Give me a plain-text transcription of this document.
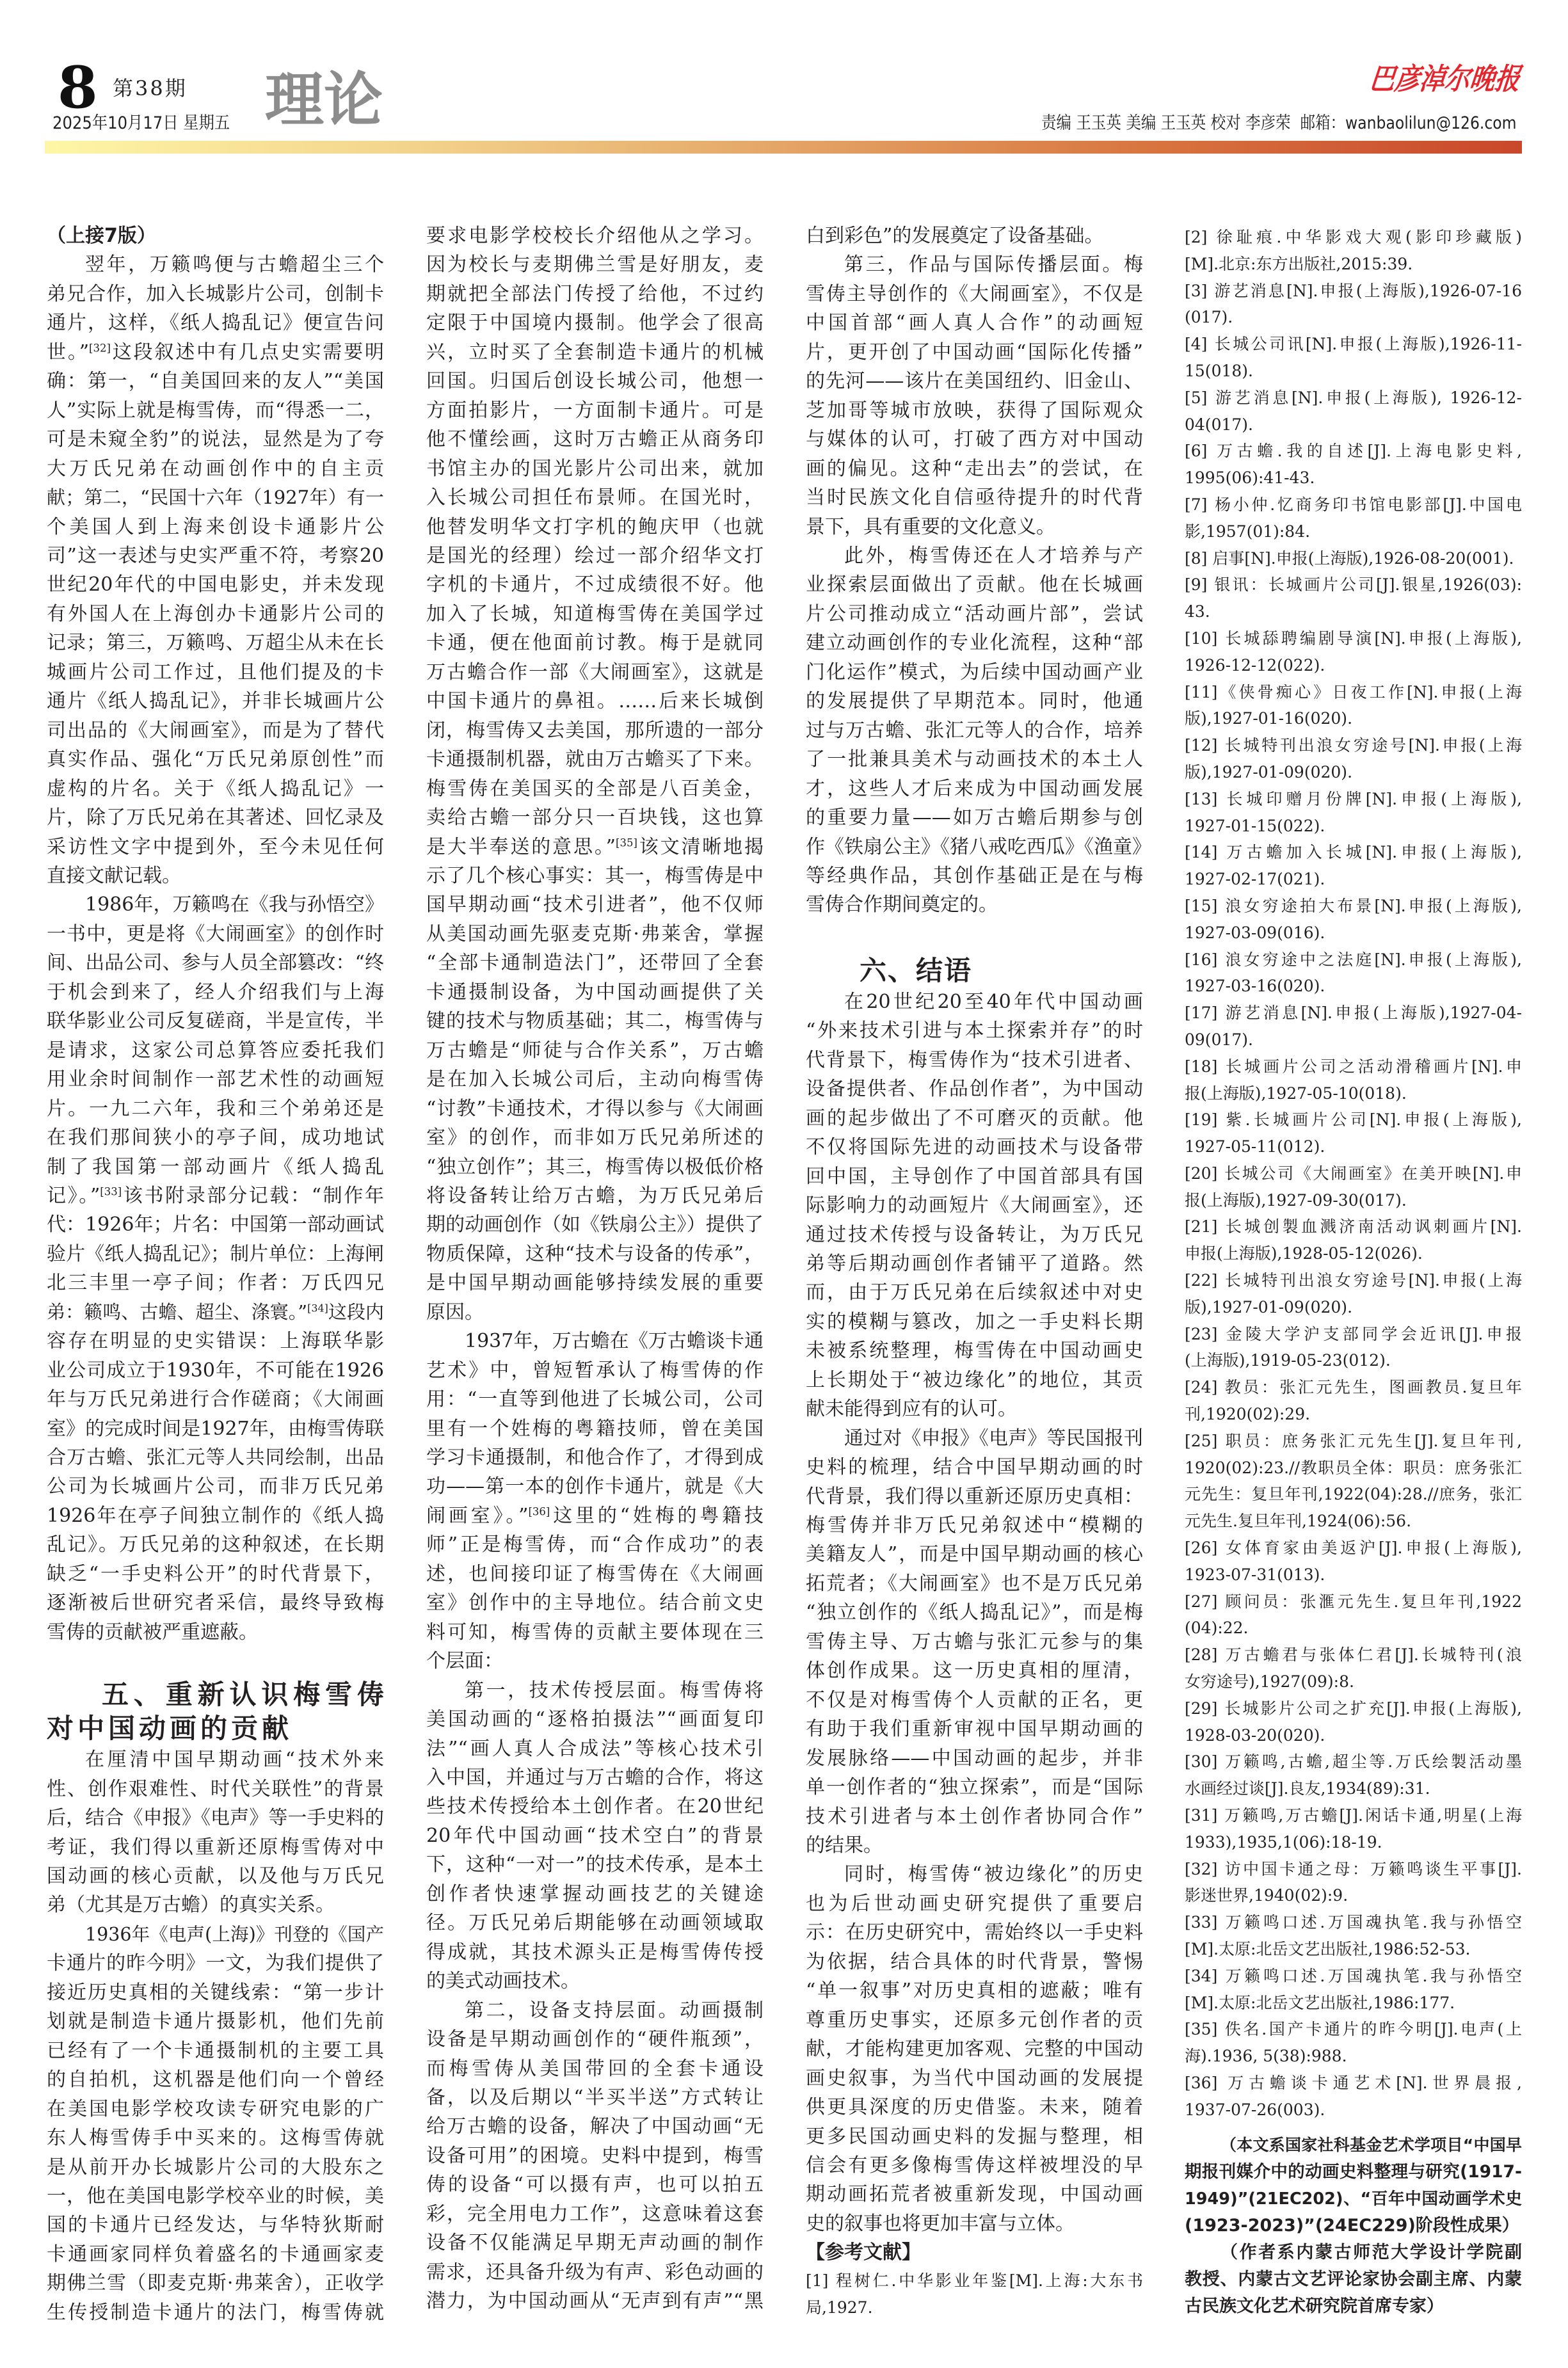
8 第38期
2025年10月17日 星期五 理论	巴彦淖尔晚报
责编 王玉英 美编 王玉英 校对 李彦荣  邮箱：wanbaolilun@126.com
（上接7版）
翌年，万籁鸣便与古蟾超尘三个
弟兄合作，加入长城影片公司，创制卡
通片，这样，《纸人捣乱记》便宣告问
世。”[32]这段叙述中有几点史实需要明
确：第一，“自美国回来的友人”“美国
人”实际上就是梅雪俦，而“得悉一二，
可是未窥全豹”的说法，显然是为了夸
大万氏兄弟在动画创作中的自主贡
献；第二，“民国十六年（1927年）有一
个美国人到上海来创设卡通影片公
司”这一表述与史实严重不符，考察20
世纪20年代的中国电影史，并未发现
有外国人在上海创办卡通影片公司的
记录；第三，万籁鸣、万超尘从未在长
城画片公司工作过，且他们提及的卡
通片《纸人捣乱记》，并非长城画片公
司出品的《大闹画室》，而是为了替代
真实作品、强化“万氏兄弟原创性”而
虚构的片名。关于《纸人捣乱记》一
片，除了万氏兄弟在其著述、回忆录及
采访性文字中提到外，至今未见任何
直接文献记载。
1986年，万籁鸣在《我与孙悟空》
一书中，更是将《大闹画室》的创作时
间、出品公司、参与人员全部篡改：“终
于机会到来了，经人介绍我们与上海
联华影业公司反复磋商，半是宣传，半
是请求，这家公司总算答应委托我们
用业余时间制作一部艺术性的动画短
片。一九二六年，我和三个弟弟还是
在我们那间狭小的亭子间，成功地试
制了我国第一部动画片《纸人捣乱
记》。”[33]该书附录部分记载：“制作年
代：1926年；片名：中国第一部动画试
验片《纸人捣乱记》；制片单位：上海闸
北三丰里一亭子间；作者：万氏四兄
弟：籁鸣、古蟾、超尘、涤寰。”[34]这段内
容存在明显的史实错误：上海联华影
业公司成立于1930年，不可能在1926
年与万氏兄弟进行合作磋商；《大闹画
室》的完成时间是1927年，由梅雪俦联
合万古蟾、张汇元等人共同绘制，出品
公司为长城画片公司，而非万氏兄弟
1926年在亭子间独立制作的《纸人捣
乱记》。万氏兄弟的这种叙述，在长期
缺乏“一手史料公开”的时代背景下，
逐渐被后世研究者采信，最终导致梅
雪俦的贡献被严重遮蔽。
五、重新认识梅雪俦
对中国动画的贡献
在厘清中国早期动画“技术外来
性、创作艰难性、时代关联性”的背景
后，结合《申报》《电声》等一手史料的
考证，我们得以重新还原梅雪俦对中
国动画的核心贡献，以及他与万氏兄
弟（尤其是万古蟾）的真实关系。
1936年《电声(上海)》刊登的《国产
卡通片的昨今明》一文，为我们提供了
接近历史真相的关键线索：“第一步计
划就是制造卡通片摄影机，他们先前
已经有了一个卡通摄制机的主要工具
的自拍机，这机器是他们向一个曾经
在美国电影学校攻读专研究电影的广
东人梅雪俦手中买来的。这梅雪俦就
是从前开办长城影片公司的大股东之
一，他在美国电影学校卒业的时候，美
国的卡通片已经发达，与华特狄斯耐
卡通画家同样负着盛名的卡通画家麦
期佛兰雪（即麦克斯·弗莱舍），正收学
生传授制造卡通片的法门，梅雪俦就
要求电影学校校长介绍他从之学习。
因为校长与麦期佛兰雪是好朋友，麦
期就把全部法门传授了给他，不过约
定限于中国境内摄制。他学会了很高
兴，立时买了全套制造卡通片的机械
回国。归国后创设长城公司，他想一
方面拍影片，一方面制卡通片。可是
他不懂绘画，这时万古蟾正从商务印
书馆主办的国光影片公司出来，就加
入长城公司担任布景师。在国光时，
他替发明华文打字机的鲍庆甲（也就
是国光的经理）绘过一部介绍华文打
字机的卡通片，不过成绩很不好。他
加入了长城，知道梅雪俦在美国学过
卡通，便在他面前讨教。梅于是就同
万古蟾合作一部《大闹画室》，这就是
中国卡通片的鼻祖。……后来长城倒
闭，梅雪俦又去美国，那所遗的一部分
卡通摄制机器，就由万古蟾买了下来。
梅雪俦在美国买的全部是八百美金，
卖给古蟾一部分只一百块钱，这也算
是大半奉送的意思。”[35]该文清晰地揭
示了几个核心事实：其一，梅雪俦是中
国早期动画“技术引进者”，他不仅师
从美国动画先驱麦克斯·弗莱舍，掌握
“全部卡通制造法门”，还带回了全套
卡通摄制设备，为中国动画提供了关
键的技术与物质基础；其二，梅雪俦与
万古蟾是“师徒与合作关系”，万古蟾
是在加入长城公司后，主动向梅雪俦
“讨教”卡通技术，才得以参与《大闹画
室》的创作，而非如万氏兄弟所述的
“独立创作”；其三，梅雪俦以极低价格
将设备转让给万古蟾，为万氏兄弟后
期的动画创作（如《铁扇公主》）提供了
物质保障，这种“技术与设备的传承”，
是中国早期动画能够持续发展的重要
原因。
1937年，万古蟾在《万古蟾谈卡通
艺术》中，曾短暂承认了梅雪俦的作
用：“一直等到他进了长城公司，公司
里有一个姓梅的粤籍技师，曾在美国
学习卡通摄制，和他合作了，才得到成
功——第一本的创作卡通片，就是《大
闹画室》。”[36]这里的“姓梅的粤籍技
师”正是梅雪俦，而“合作成功”的表
述，也间接印证了梅雪俦在《大闹画
室》创作中的主导地位。结合前文史
料可知，梅雪俦的贡献主要体现在三
个层面：
第一，技术传授层面。梅雪俦将
美国动画的“逐格拍摄法”“画面复印
法”“画人真人合成法”等核心技术引
入中国，并通过与万古蟾的合作，将这
些技术传授给本土创作者。在20世纪
20年代中国动画“技术空白”的背景
下，这种“一对一”的技术传承，是本土
创作者快速掌握动画技艺的关键途
径。万氏兄弟后期能够在动画领域取
得成就，其技术源头正是梅雪俦传授
的美式动画技术。
第二，设备支持层面。动画摄制
设备是早期动画创作的“硬件瓶颈”，
而梅雪俦从美国带回的全套卡通设
备，以及后期以“半买半送”方式转让
给万古蟾的设备，解决了中国动画“无
设备可用”的困境。史料中提到，梅雪
俦的设备“可以摄有声，也可以拍五
彩，完全用电力工作”，这意味着这套
设备不仅能满足早期无声动画的制作
需求，还具备升级为有声、彩色动画的
潜力，为中国动画从“无声到有声”“黑
白到彩色”的发展奠定了设备基础。
第三，作品与国际传播层面。梅
雪俦主导创作的《大闹画室》，不仅是
中国首部“画人真人合作”的动画短
片，更开创了中国动画“国际化传播”
的先河——该片在美国纽约、旧金山、
芝加哥等城市放映，获得了国际观众
与媒体的认可，打破了西方对中国动
画的偏见。这种“走出去”的尝试，在
当时民族文化自信亟待提升的时代背
景下，具有重要的文化意义。
此外，梅雪俦还在人才培养与产
业探索层面做出了贡献。他在长城画
片公司推动成立“活动画片部”，尝试
建立动画创作的专业化流程，这种“部
门化运作”模式，为后续中国动画产业
的发展提供了早期范本。同时，他通
过与万古蟾、张汇元等人的合作，培养
了一批兼具美术与动画技术的本土人
才，这些人才后来成为中国动画发展
的重要力量——如万古蟾后期参与创
作《铁扇公主》《猪八戒吃西瓜》《渔童》
等经典作品，其创作基础正是在与梅
雪俦合作期间奠定的。
六、结语
在20世纪20至40年代中国动画
“外来技术引进与本土探索并存”的时
代背景下，梅雪俦作为“技术引进者、
设备提供者、作品创作者”，为中国动
画的起步做出了不可磨灭的贡献。他
不仅将国际先进的动画技术与设备带
回中国，主导创作了中国首部具有国
际影响力的动画短片《大闹画室》，还
通过技术传授与设备转让，为万氏兄
弟等后期动画创作者铺平了道路。然
而，由于万氏兄弟在后续叙述中对史
实的模糊与篡改，加之一手史料长期
未被系统整理，梅雪俦在中国动画史
上长期处于“被边缘化”的地位，其贡
献未能得到应有的认可。
通过对《申报》《电声》等民国报刊
史料的梳理，结合中国早期动画的时
代背景，我们得以重新还原历史真相：
梅雪俦并非万氏兄弟叙述中“模糊的
美籍友人”，而是中国早期动画的核心
拓荒者；《大闹画室》也不是万氏兄弟
“独立创作的《纸人捣乱记》”，而是梅
雪俦主导、万古蟾与张汇元参与的集
体创作成果。这一历史真相的厘清，
不仅是对梅雪俦个人贡献的正名，更
有助于我们重新审视中国早期动画的
发展脉络——中国动画的起步，并非
单一创作者的“独立探索”，而是“国际
技术引进者与本土创作者协同合作”
的结果。
同时，梅雪俦“被边缘化”的历史
也为后世动画史研究提供了重要启
示：在历史研究中，需始终以一手史料
为依据，结合具体的时代背景，警惕
“单一叙事”对历史真相的遮蔽；唯有
尊重历史事实，还原多元创作者的贡
献，才能构建更加客观、完整的中国动
画史叙事，为当代中国动画的发展提
供更具深度的历史借鉴。未来，随着
更多民国动画史料的发掘与整理，相
信会有更多像梅雪俦这样被埋没的早
期动画拓荒者被重新发现，中国动画
史的叙事也将更加丰富与立体。
【参考文献】
[1] 程树仁.中华影业年鉴[M].上海:大东书
局,1927.
[2] 徐耻痕.中华影戏大观(影印珍藏版)
[M].北京:东方出版社,2015:39.
[3] 游艺消息[N].申报(上海版),1926-07-16
(017).
[4] 长城公司讯[N].申报(上海版),1926-11-
15(018).
[5] 游艺消息[N].申报(上海版), 1926-12-
04(017).
[6] 万古蟾.我的自述[J].上海电影史料,
1995(06):41-43.
[7] 杨小仲.忆商务印书馆电影部[J].中国电
影,1957(01):84.
[8] 启事[N].申报(上海版),1926-08-20(001).
[9] 银讯：长城画片公司[J].银星,1926(03):
43.
[10] 长城舔聘编剧导演[N].申报(上海版),
1926-12-12(022).
[11]《侠骨痴心》日夜工作[N].申报(上海
版),1927-01-16(020).
[12] 长城特刊出浪女穷途号[N].申报(上海
版),1927-01-09(020).
[13] 长城印赠月份牌[N].申报(上海版),
1927-01-15(022).
[14] 万古蟾加入长城[N].申报(上海版),
1927-02-17(021).
[15] 浪女穷途拍大布景[N].申报(上海版),
1927-03-09(016).
[16] 浪女穷途中之法庭[N].申报(上海版),
1927-03-16(020).
[17] 游艺消息[N].申报(上海版),1927-04-
09(017).
[18] 长城画片公司之活动滑稽画片[N].申
报(上海版),1927-05-10(018).
[19] 紫.长城画片公司[N].申报(上海版),
1927-05-11(012).
[20] 长城公司《大闹画室》在美开映[N].申
报(上海版),1927-09-30(017).
[21] 长城创製血溅济南活动讽刺画片[N].
申报(上海版),1928-05-12(026).
[22] 长城特刊出浪女穷途号[N].申报(上海
版),1927-01-09(020).
[23] 金陵大学沪支部同学会近讯[J].申报
(上海版),1919-05-23(012).
[24] 教员：张汇元先生，图画教员.复旦年
刊,1920(02):29.
[25] 职员：庶务张汇元先生[J].复旦年刊,
1920(02):23.//教职员全体：职员：庶务张汇
元先生：复旦年刊,1922(04):28.//庶务，张汇
元先生.复旦年刊,1924(06):56.
[26] 女体育家由美返沪[J].申报(上海版),
1923-07-31(013).
[27] 顾问员：张滙元先生.复旦年刊,1922
(04):22.
[28] 万古蟾君与张体仁君[J].长城特刊(浪
女穷途号),1927(09):8.
[29] 长城影片公司之扩充[J].申报(上海版),
1928-03-20(020).
[30] 万籁鸣,古蟾,超尘等.万氏绘製活动墨
水画经过谈[J].良友,1934(89):31.
[31] 万籁鸣,万古蟾[J].闲话卡通,明星(上海
1933),1935,1(06):18-19.
[32] 访中国卡通之母：万籁鸣谈生平事[J].
影迷世界,1940(02):9.
[33] 万籁鸣口述.万国魂执笔.我与孙悟空
[M].太原:北岳文艺出版社,1986:52-53.
[34] 万籁鸣口述.万国魂执笔.我与孙悟空
[M].太原:北岳文艺出版社,1986:177.
[35] 佚名.国产卡通片的昨今明[J].电声(上
海).1936, 5(38):988.
[36] 万古蟾谈卡通艺术[N].世界晨报,
1937-07-26(003).
（本文系国家社科基金艺术学项目“中国早
期报刊媒介中的动画史料整理与研究(1917-
1949)”(21EC202)、“百年中国动画学术史
(1923-2023)”(24EC229)阶段性成果）
（作者系内蒙古师范大学设计学院副
教授、内蒙古文艺评论家协会副主席、内蒙
古民族文化艺术研究院首席专家）
